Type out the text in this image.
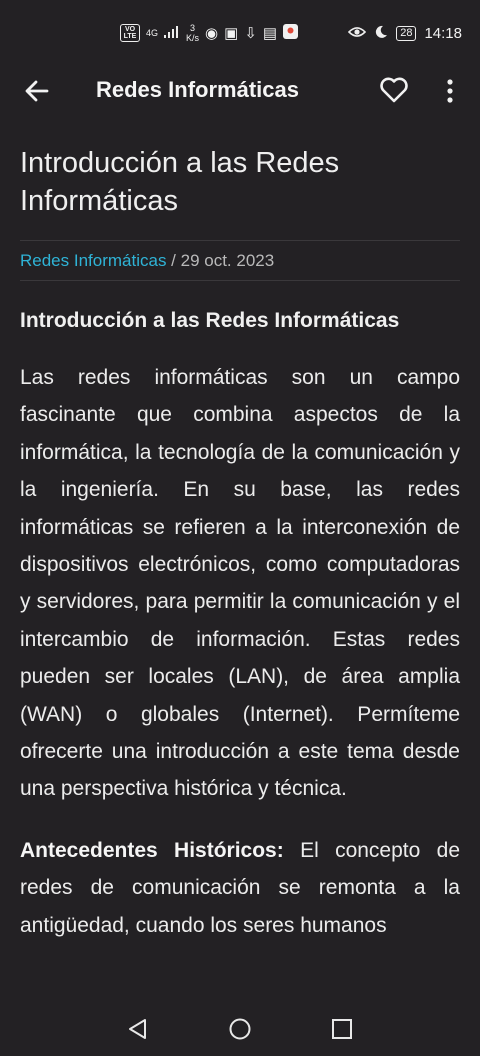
VO LTE	4G	3
K/s ◉ ▣ ⇩ ▤	28 14:18
Redes Informáticas
Introducción a las Redes Informáticas
Redes Informáticas / 29 oct. 2023
Introducción a las Redes Informáticas

Las redes informáticas son un campo fascinante que combina aspectos de la informática, la tecnología de la comunicación y la ingeniería. En su base, las redes informáticas se refieren a la interconexión de dispositivos electrónicos, como computadoras y servidores, para permitir la comunicación y el intercambio de información. Estas redes pueden ser locales (LAN), de área amplia (WAN) o globales (Internet). Permíteme ofrecerte una introducción a este tema desde una perspectiva histórica y técnica.

Antecedentes Históricos: El concepto de redes de comunicación se remonta a la antigüedad, cuando los seres humanos
